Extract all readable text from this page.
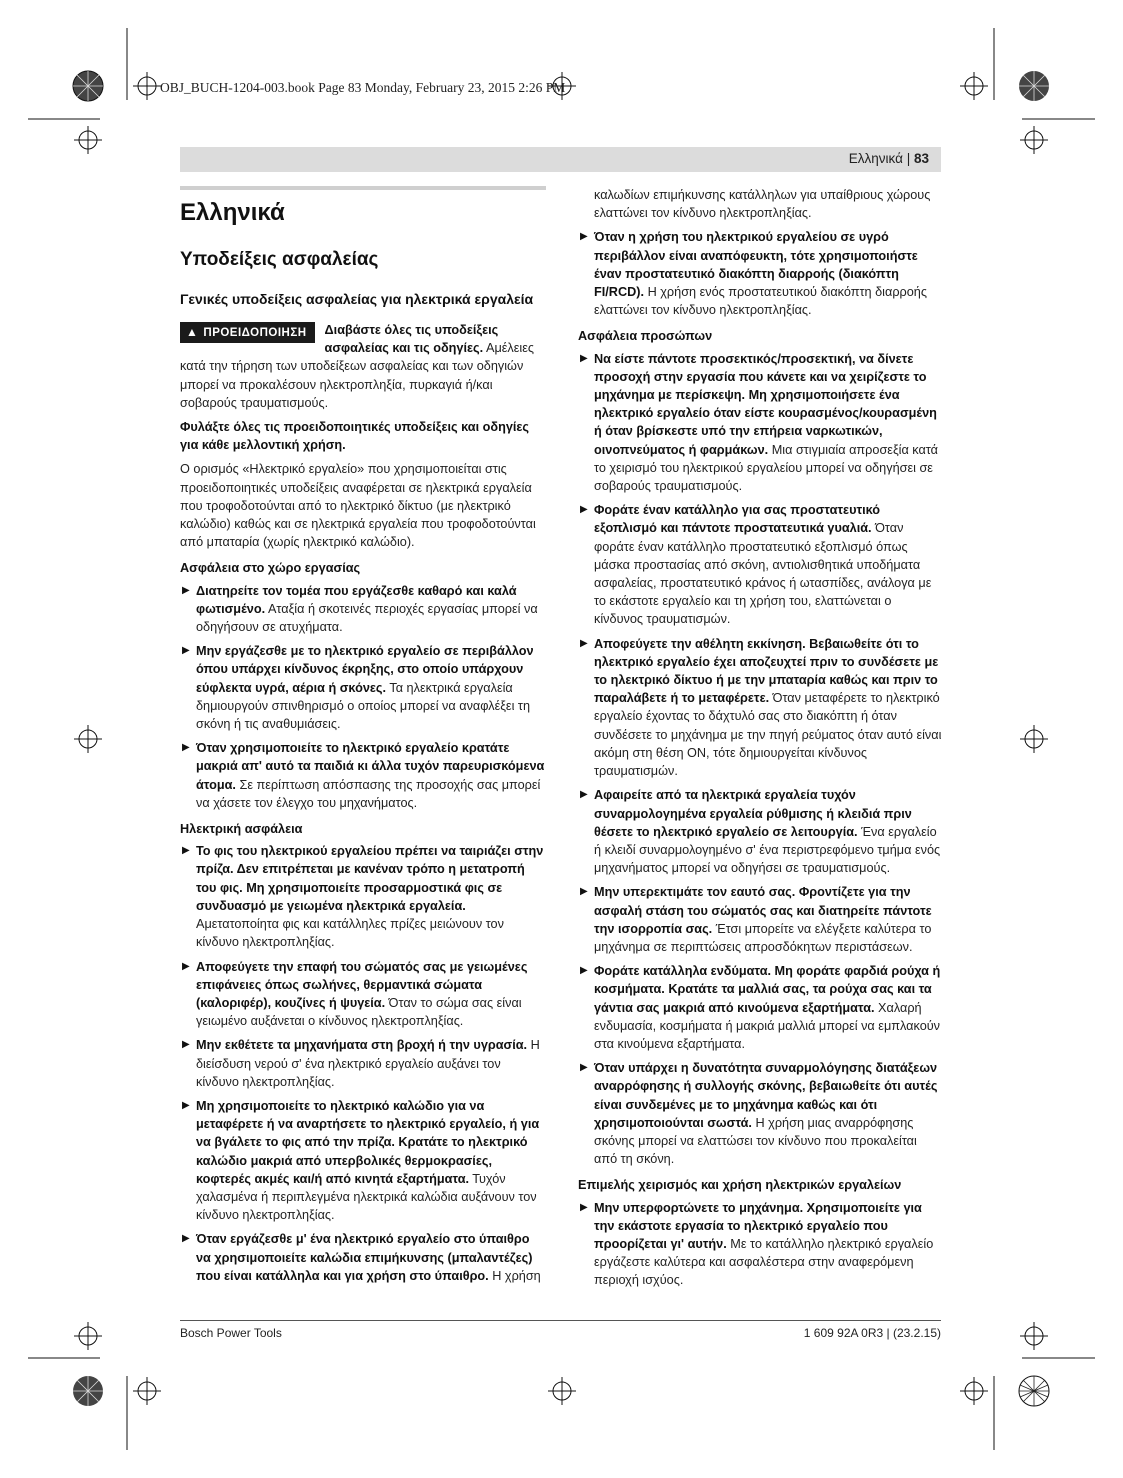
OBJ_BUCH-1204-003.book Page 83 Monday, February 23, 2015 2:26 PM
Ελληνικά | 83
Ελληνικά
Υποδείξεις ασφαλείας
Γενικές υποδείξεις ασφαλείας για ηλεκτρικά εργαλεία
▲ ΠΡΟΕΙΔΟΠΟΙΗΣΗ	Διαβάστε όλες τις υποδείξεις ασφαλείας και τις οδηγίες. Αμέλειες κατά την τήρηση των υποδείξεων ασφαλείας και των οδηγιών μπορεί να προκαλέσουν ηλεκτροπληξία, πυρκαγιά ή/και σοβαρούς τραυματισμούς.
Φυλάξτε όλες τις προειδοποιητικές υποδείξεις και οδηγίες για κάθε μελλοντική χρήση.
Ο ορισμός «Ηλεκτρικό εργαλείο» που χρησιμοποιείται στις προειδοποιητικές υποδείξεις αναφέρεται σε ηλεκτρικά εργαλεία που τροφοδοτούνται από το ηλεκτρικό δίκτυο (με ηλεκτρικό καλώδιο) καθώς και σε ηλεκτρικά εργαλεία που τροφοδοτούνται από μπαταρία (χωρίς ηλεκτρικό καλώδιο).
Ασφάλεια στο χώρο εργασίας
▶ Διατηρείτε τον τομέα που εργάζεσθε καθαρό και καλά φωτισμένο. Αταξία ή σκοτεινές περιοχές εργασίας μπορεί να οδηγήσουν σε ατυχήματα.
▶ Μην εργάζεσθε με το ηλεκτρικό εργαλείο σε περιβάλλον όπου υπάρχει κίνδυνος έκρηξης, στο οποίο υπάρχουν εύφλεκτα υγρά, αέρια ή σκόνες. Τα ηλεκτρικά εργαλεία δημιουργούν σπινθηρισμό ο οποίος μπορεί να αναφλέξει τη σκόνη ή τις αναθυμιάσεις.
▶ Όταν χρησιμοποιείτε το ηλεκτρικό εργαλείο κρατάτε μακριά απ' αυτό τα παιδιά κι άλλα τυχόν παρευρισκόμενα άτομα. Σε περίπτωση απόσπασης της προσοχής σας μπορεί να χάσετε τον έλεγχο του μηχανήματος.
Ηλεκτρική ασφάλεια
▶ Το φις του ηλεκτρικού εργαλείου πρέπει να ταιριάζει στην πρίζα. Δεν επιτρέπεται με κανέναν τρόπο η μετατροπή του φις. Μη χρησιμοποιείτε προσαρμοστικά φις σε συνδυασμό με γειωμένα ηλεκτρικά εργαλεία. Αμετατοποίητα φις και κατάλληλες πρίζες μειώνουν τον κίνδυνο ηλεκτροπληξίας.
▶ Αποφεύγετε την επαφή του σώματός σας με γειωμένες επιφάνειες όπως σωλήνες, θερμαντικά σώματα (καλοριφέρ), κουζίνες ή ψυγεία. Όταν το σώμα σας είναι γειωμένο αυξάνεται ο κίνδυνος ηλεκτροπληξίας.
▶ Μην εκθέτετε τα μηχανήματα στη βροχή ή την υγρασία. Η διείσδυση νερού σ' ένα ηλεκτρικό εργαλείο αυξάνει τον κίνδυνο ηλεκτροπληξίας.
▶ Μη χρησιμοποιείτε το ηλεκτρικό καλώδιο για να μεταφέρετε ή να αναρτήσετε το ηλεκτρικό εργαλείο, ή για να βγάλετε το φις από την πρίζα. Κρατάτε το ηλεκτρικό καλώδιο μακριά από υπερβολικές θερμοκρασίες, κοφτερές ακμές και/ή από κινητά εξαρτήματα. Τυχόν χαλασμένα ή περιπλεγμένα ηλεκτρικά καλώδια αυξάνουν τον κίνδυνο ηλεκτροπληξίας.
▶ Όταν εργάζεσθε μ' ένα ηλεκτρικό εργαλείο στο ύπαιθρο να χρησιμοποιείτε καλώδια επιμήκυνσης (μπαλαντέζες) που είναι κατάλληλα και για χρήση στο ύπαιθρο. Η χρήση
καλωδίων επιμήκυνσης κατάλληλων για υπαίθριους χώρους ελαττώνει τον κίνδυνο ηλεκτροπληξίας.
▶ Όταν η χρήση του ηλεκτρικού εργαλείου σε υγρό περιβάλλον είναι αναπόφευκτη, τότε χρησιμοποιήστε έναν προστατευτικό διακόπτη διαρροής (διακόπτη FI/RCD). Η χρήση ενός προστατευτικού διακόπτη διαρροής ελαττώνει τον κίνδυνο ηλεκτροπληξίας.
Ασφάλεια προσώπων
▶ Να είστε πάντοτε προσεκτικός/προσεκτική, να δίνετε προσοχή στην εργασία που κάνετε και να χειρίζεστε το μηχάνημα με περίσκεψη. Μη χρησιμοποιήσετε ένα ηλεκτρικό εργαλείο όταν είστε κουρασμένος/κουρασμένη ή όταν βρίσκεστε υπό την επήρεια ναρκωτικών, οινοπνεύματος ή φαρμάκων. Μια στιγμιαία απροσεξία κατά το χειρισμό του ηλεκτρικού εργαλείου μπορεί να οδηγήσει σε σοβαρούς τραυματισμούς.
▶ Φοράτε έναν κατάλληλο για σας προστατευτικό εξοπλισμό και πάντοτε προστατευτικά γυαλιά. Όταν φοράτε έναν κατάλληλο προστατευτικό εξοπλισμό όπως μάσκα προστασίας από σκόνη, αντιολισθητικά υποδήματα ασφαλείας, προστατευτικό κράνος ή ωτασπίδες, ανάλογα με το εκάστοτε εργαλείο και τη χρήση του, ελαττώνεται ο κίνδυνος τραυματισμών.
▶ Αποφεύγετε την αθέλητη εκκίνηση. Βεβαιωθείτε ότι το ηλεκτρικό εργαλείο έχει αποζευχτεί πριν το συνδέσετε με το ηλεκτρικό δίκτυο ή με την μπαταρία καθώς και πριν το παραλάβετε ή το μεταφέρετε. Όταν μεταφέρετε το ηλεκτρικό εργαλείο έχοντας το δάχτυλό σας στο διακόπτη ή όταν συνδέσετε το μηχάνημα με την πηγή ρεύματος όταν αυτό είναι ακόμη στη θέση ON, τότε δημιουργείται κίνδυνος τραυματισμών.
▶ Αφαιρείτε από τα ηλεκτρικά εργαλεία τυχόν συναρμολογημένα εργαλεία ρύθμισης ή κλειδιά πριν θέσετε το ηλεκτρικό εργαλείο σε λειτουργία. Ένα εργαλείο ή κλειδί συναρμολογημένο σ' ένα περιστρεφόμενο τμήμα ενός μηχανήματος μπορεί να οδηγήσει σε τραυματισμούς.
▶ Μην υπερεκτιμάτε τον εαυτό σας. Φροντίζετε για την ασφαλή στάση του σώματός σας και διατηρείτε πάντοτε την ισορροπία σας. Έτσι μπορείτε να ελέγξετε καλύτερα το μηχάνημα σε περιπτώσεις απροσδόκητων περιστάσεων.
▶ Φοράτε κατάλληλα ενδύματα. Μη φοράτε φαρδιά ρούχα ή κοσμήματα. Κρατάτε τα μαλλιά σας, τα ρούχα σας και τα γάντια σας μακριά από κινούμενα εξαρτήματα. Χαλαρή ενδυμασία, κοσμήματα ή μακριά μαλλιά μπορεί να εμπλακούν στα κινούμενα εξαρτήματα.
▶ Όταν υπάρχει η δυνατότητα συναρμολόγησης διατάξεων αναρρόφησης ή συλλογής σκόνης, βεβαιωθείτε ότι αυτές είναι συνδεμένες με το μηχάνημα καθώς και ότι χρησιμοποιούνται σωστά. Η χρήση μιας αναρρόφησης σκόνης μπορεί να ελαττώσει τον κίνδυνο που προκαλείται από τη σκόνη.
Επιμελής χειρισμός και χρήση ηλεκτρικών εργαλείων
▶ Μην υπερφορτώνετε το μηχάνημα. Χρησιμοποιείτε για την εκάστοτε εργασία το ηλεκτρικό εργαλείο που προορίζεται γι' αυτήν. Με το κατάλληλο ηλεκτρικό εργαλείο εργάζεστε καλύτερα και ασφαλέστερα στην αναφερόμενη περιοχή ισχύος.
Bosch Power Tools	1 609 92A 0R3 | (23.2.15)
